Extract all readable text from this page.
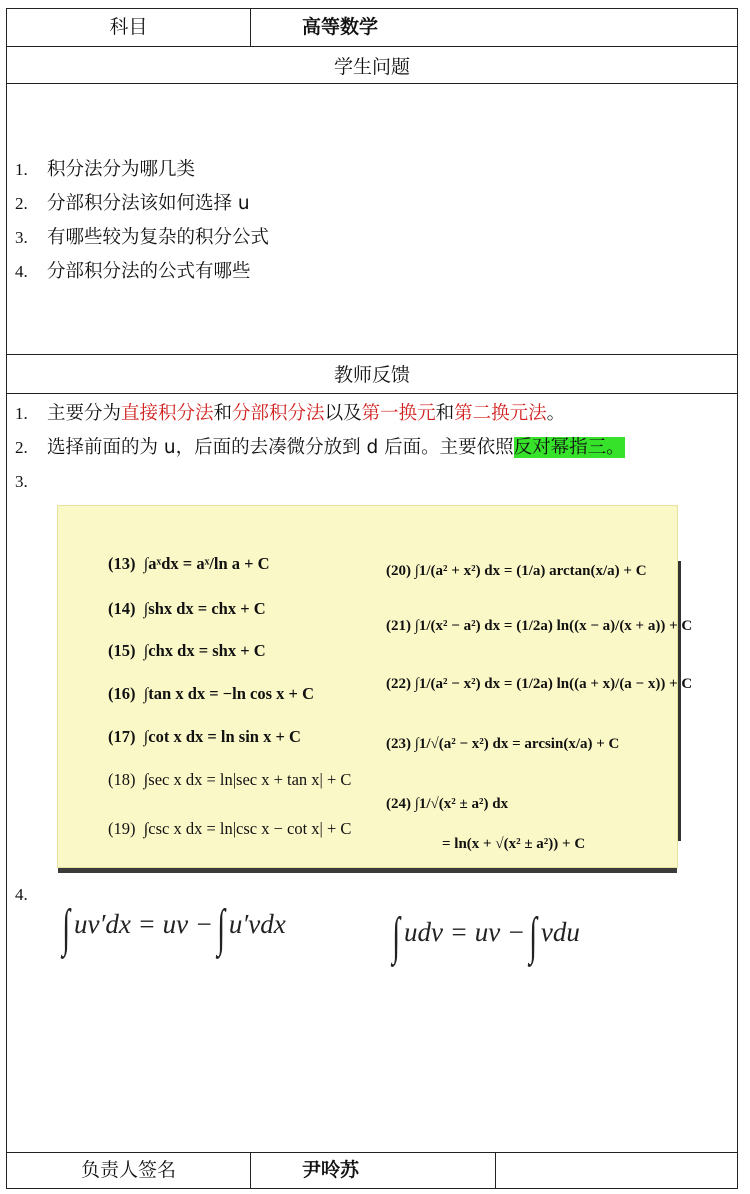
科目	高等数学
学生问题
1. 积分法分为哪几类
2. 分部积分法该如何选择 u
3. 有哪些较为复杂的积分公式
4. 分部积分法的公式有哪些
教师反馈
1. 主要分为直接积分法和分部积分法以及第一换元和第二换元法。
2. 选择前面的为 u，后面的去凑微分放到 d 后面。主要依照反对幂指三。
3.
(13) ∫aˣdx = aˣ/ln a + C
(14) ∫shx dx = chx + C
(15) ∫chx dx = shx + C
(16) ∫tan x dx = −ln cos x + C
(17) ∫cot x dx = ln sin x + C
(18) ∫sec x dx = ln|sec x + tan x| + C
(19) ∫csc x dx = ln|csc x − cot x| + C
(20) ∫1/(a² + x²) dx = (1/a) arctan(x/a) + C
(21) ∫1/(x² − a²) dx = (1/2a) ln((x − a)/(x + a)) + C
(22) ∫1/(a² − x²) dx = (1/2a) ln((a + x)/(a − x)) + C
(23) ∫1/√(a² − x²) dx = arcsin(x/a) + C
(24) ∫1/√(x² ± a²) dx
= ln(x + √(x² ± a²)) + C
4.
∫ uv′dx = uv − ∫ u′vdx ∫ udv = uv − ∫ vdu
负责人签名	尹呤苏
